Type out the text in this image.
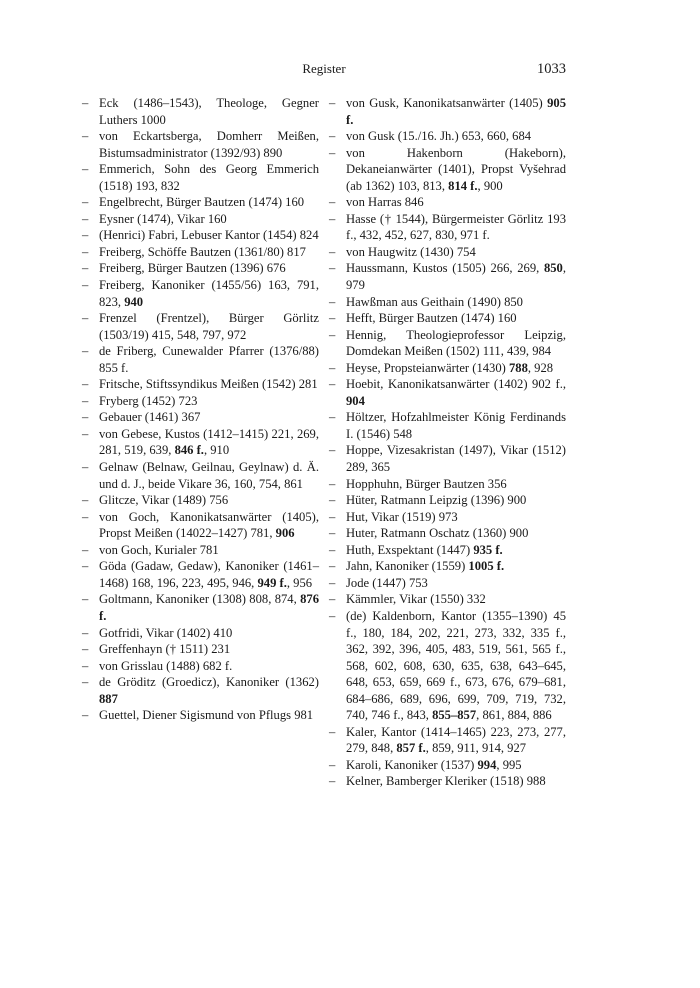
Register	1033
– Eck (1486–1543), Theologe, Gegner Luthers 1000
– von Eckartsberga, Domherr Meißen, Bistumsadministrator (1392/93) 890
– Emmerich, Sohn des Georg Emmerich (1518) 193, 832
– Engelbrecht, Bürger Bautzen (1474) 160
– Eysner (1474), Vikar 160
– (Henrici) Fabri, Lebuser Kantor (1454) 824
– Freiberg, Schöffe Bautzen (1361/80) 817
– Freiberg, Bürger Bautzen (1396) 676
– Freiberg, Kanoniker (1455/56) 163, 791, 823, 940
– Frenzel (Frentzel), Bürger Görlitz (1503/19) 415, 548, 797, 972
– de Friberg, Cunewalder Pfarrer (1376/88) 855 f.
– Fritsche, Stiftssyndikus Meißen (1542) 281
– Fryberg (1452) 723
– Gebauer (1461) 367
– von Gebese, Kustos (1412–1415) 221, 269, 281, 519, 639, 846 f., 910
– Gelnaw (Belnaw, Geilnau, Geylnaw) d. Ä. und d. J., beide Vikare 36, 160, 754, 861
– Glitcze, Vikar (1489) 756
– von Goch, Kanonikatsanwärter (1405), Propst Meißen (14022–1427) 781, 906
– von Goch, Kurialer 781
– Göda (Gadaw, Gedaw), Kanoniker (1461–1468) 168, 196, 223, 495, 946, 949 f., 956
– Goltmann, Kanoniker (1308) 808, 874, 876 f.
– Gotfridi, Vikar (1402) 410
– Greffenhayn († 1511) 231
– von Grisslau (1488) 682 f.
– de Gröditz (Groedicz), Kanoniker (1362) 887
– Guettel, Diener Sigismund von Pflugs 981
– von Gusk, Kanonikatsanwärter (1405) 905 f.
– von Gusk (15./16. Jh.) 653, 660, 684
– von Hakenborn (Hakeborn), Dekaneianwärter (1401), Propst Vyšehrad (ab 1362) 103, 813, 814 f., 900
– von Harras 846
– Hasse († 1544), Bürgermeister Görlitz 193 f., 432, 452, 627, 830, 971 f.
– von Haugwitz (1430) 754
– Haussmann, Kustos (1505) 266, 269, 850, 979
– Hawßman aus Geithain (1490) 850
– Hefft, Bürger Bautzen (1474) 160
– Hennig, Theologieprofessor Leipzig, Domdekan Meißen (1502) 111, 439, 984
– Heyse, Propsteianwärter (1430) 788, 928
– Hoebit, Kanonikatsanwärter (1402) 902 f., 904
– Höltzer, Hofzahlmeister König Ferdinands I. (1546) 548
– Hoppe, Vizesakristan (1497), Vikar (1512) 289, 365
– Hopphuhn, Bürger Bautzen 356
– Hüter, Ratmann Leipzig (1396) 900
– Hut, Vikar (1519) 973
– Huter, Ratmann Oschatz (1360) 900
– Huth, Exspektant (1447) 935 f.
– Jahn, Kanoniker (1559) 1005 f.
– Jode (1447) 753
– Kämmler, Vikar (1550) 332
– (de) Kaldenborn, Kantor (1355–1390) 45 f., 180, 184, 202, 221, 273, 332, 335 f., 362, 392, 396, 405, 483, 519, 561, 565 f., 568, 602, 608, 630, 635, 638, 643–645, 648, 653, 659, 669 f., 673, 676, 679–681, 684–686, 689, 696, 699, 709, 719, 732, 740, 746 f., 843, 855–857, 861, 884, 886
– Kaler, Kantor (1414–1465) 223, 273, 277, 279, 848, 857 f., 859, 911, 914, 927
– Karoli, Kanoniker (1537) 994, 995
– Kelner, Bamberger Kleriker (1518) 988
